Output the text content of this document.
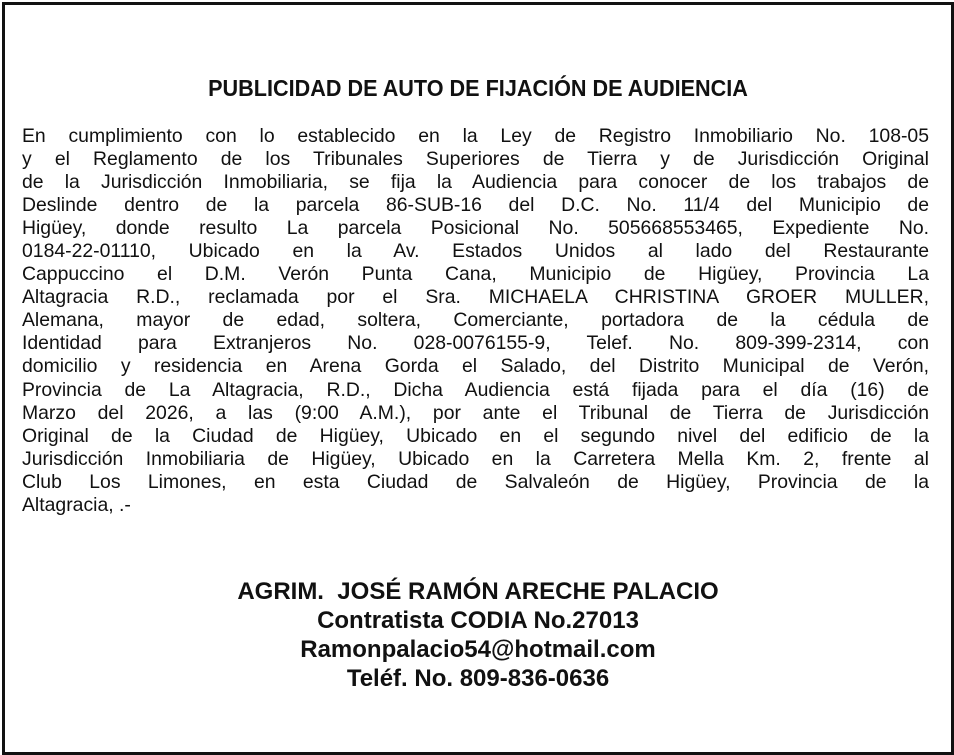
PUBLICIDAD DE AUTO DE FIJACIÓN DE AUDIENCIA
En cumplimiento con lo establecido en la Ley de Registro Inmobiliario No. 108-05
y el Reglamento de los Tribunales Superiores de Tierra y de Jurisdicción Original
de la Jurisdicción Inmobiliaria, se fija la Audiencia para conocer de los trabajos de
Deslinde dentro de la parcela 86-SUB-16 del D.C. No. 11/4 del Municipio de
Higüey, donde resulto La parcela Posicional No. 505668553465, Expediente No.
0184-22-01110, Ubicado en la Av. Estados Unidos al lado del Restaurante
Cappuccino el D.M. Verón Punta Cana, Municipio de Higüey, Provincia La
Altagracia R.D., reclamada por el Sra. MICHAELA CHRISTINA GROER MULLER,
Alemana, mayor de edad, soltera, Comerciante, portadora de la cédula de
Identidad para Extranjeros No. 028-0076155-9, Telef. No. 809-399-2314, con
domicilio y residencia en Arena Gorda el Salado, del Distrito Municipal de Verón,
Provincia de La Altagracia, R.D., Dicha Audiencia está fijada para el día (16) de
Marzo del 2026, a las (9:00 A.M.), por ante el Tribunal de Tierra de Jurisdicción
Original de la Ciudad de Higüey, Ubicado en el segundo nivel del edificio de la
Jurisdicción Inmobiliaria de Higüey, Ubicado en la Carretera Mella Km. 2, frente al
Club Los Limones, en esta Ciudad de Salvaleón de Higüey, Provincia de la
Altagracia, .-
AGRIM.  JOSÉ RAMÓN ARECHE PALACIO
Contratista CODIA No.27013
Ramonpalacio54@hotmail.com
Teléf. No. 809-836-0636
